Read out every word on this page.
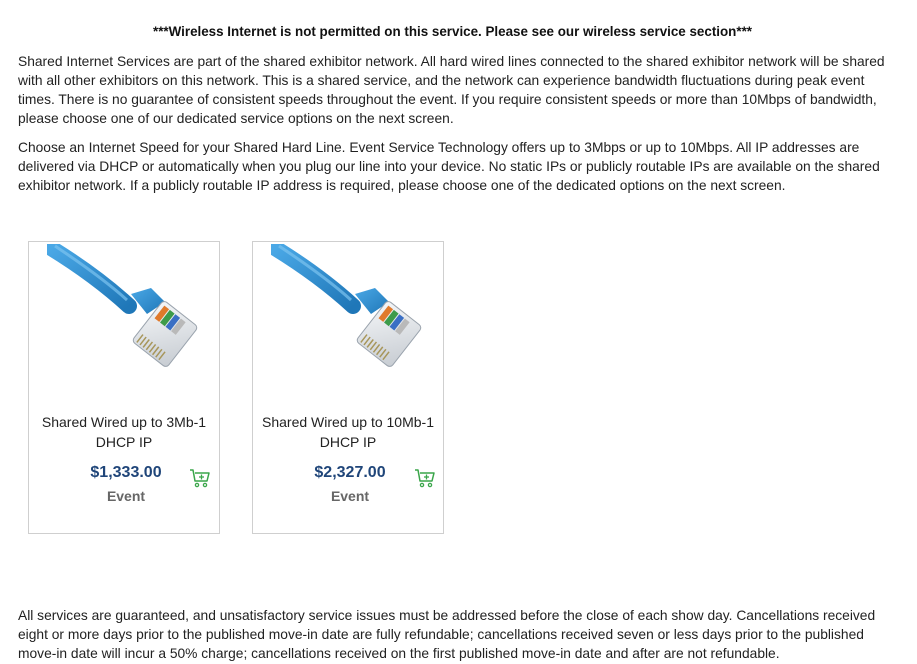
***Wireless Internet is not permitted on this service. Please see our wireless service section***

Shared Internet Services are part of the shared exhibitor network. All hard wired lines connected to the shared exhibitor network will be shared with all other exhibitors on this network. This is a shared service, and the network can experience bandwidth fluctuations during peak event times. There is no guarantee of consistent speeds throughout the event. If you require consistent speeds or more than 10Mbps of bandwidth, please choose one of our dedicated service options on the next screen.

Choose an Internet Speed for your Shared Hard Line. Event Service Technology offers up to 3Mbps or up to 10Mbps. All IP addresses are delivered via DHCP or automatically when you plug our line into your device. No static IPs or publicly routable IPs are available on the shared exhibitor network. If a publicly routable IP address is required, please choose one of the dedicated options on the next screen.

Shared Wired up to 3Mb-1
DHCP IP
$1,333.00
Event
Shared Wired up to 10Mb-1
DHCP IP
$2,327.00
Event

All services are guaranteed, and unsatisfactory service issues must be addressed before the close of each show day. Cancellations received eight or more days prior to the published move-in date are fully refundable; cancellations received seven or less days prior to the published move-in date will incur a 50% charge; cancellations received on the first published move-in date and after are not refundable.
